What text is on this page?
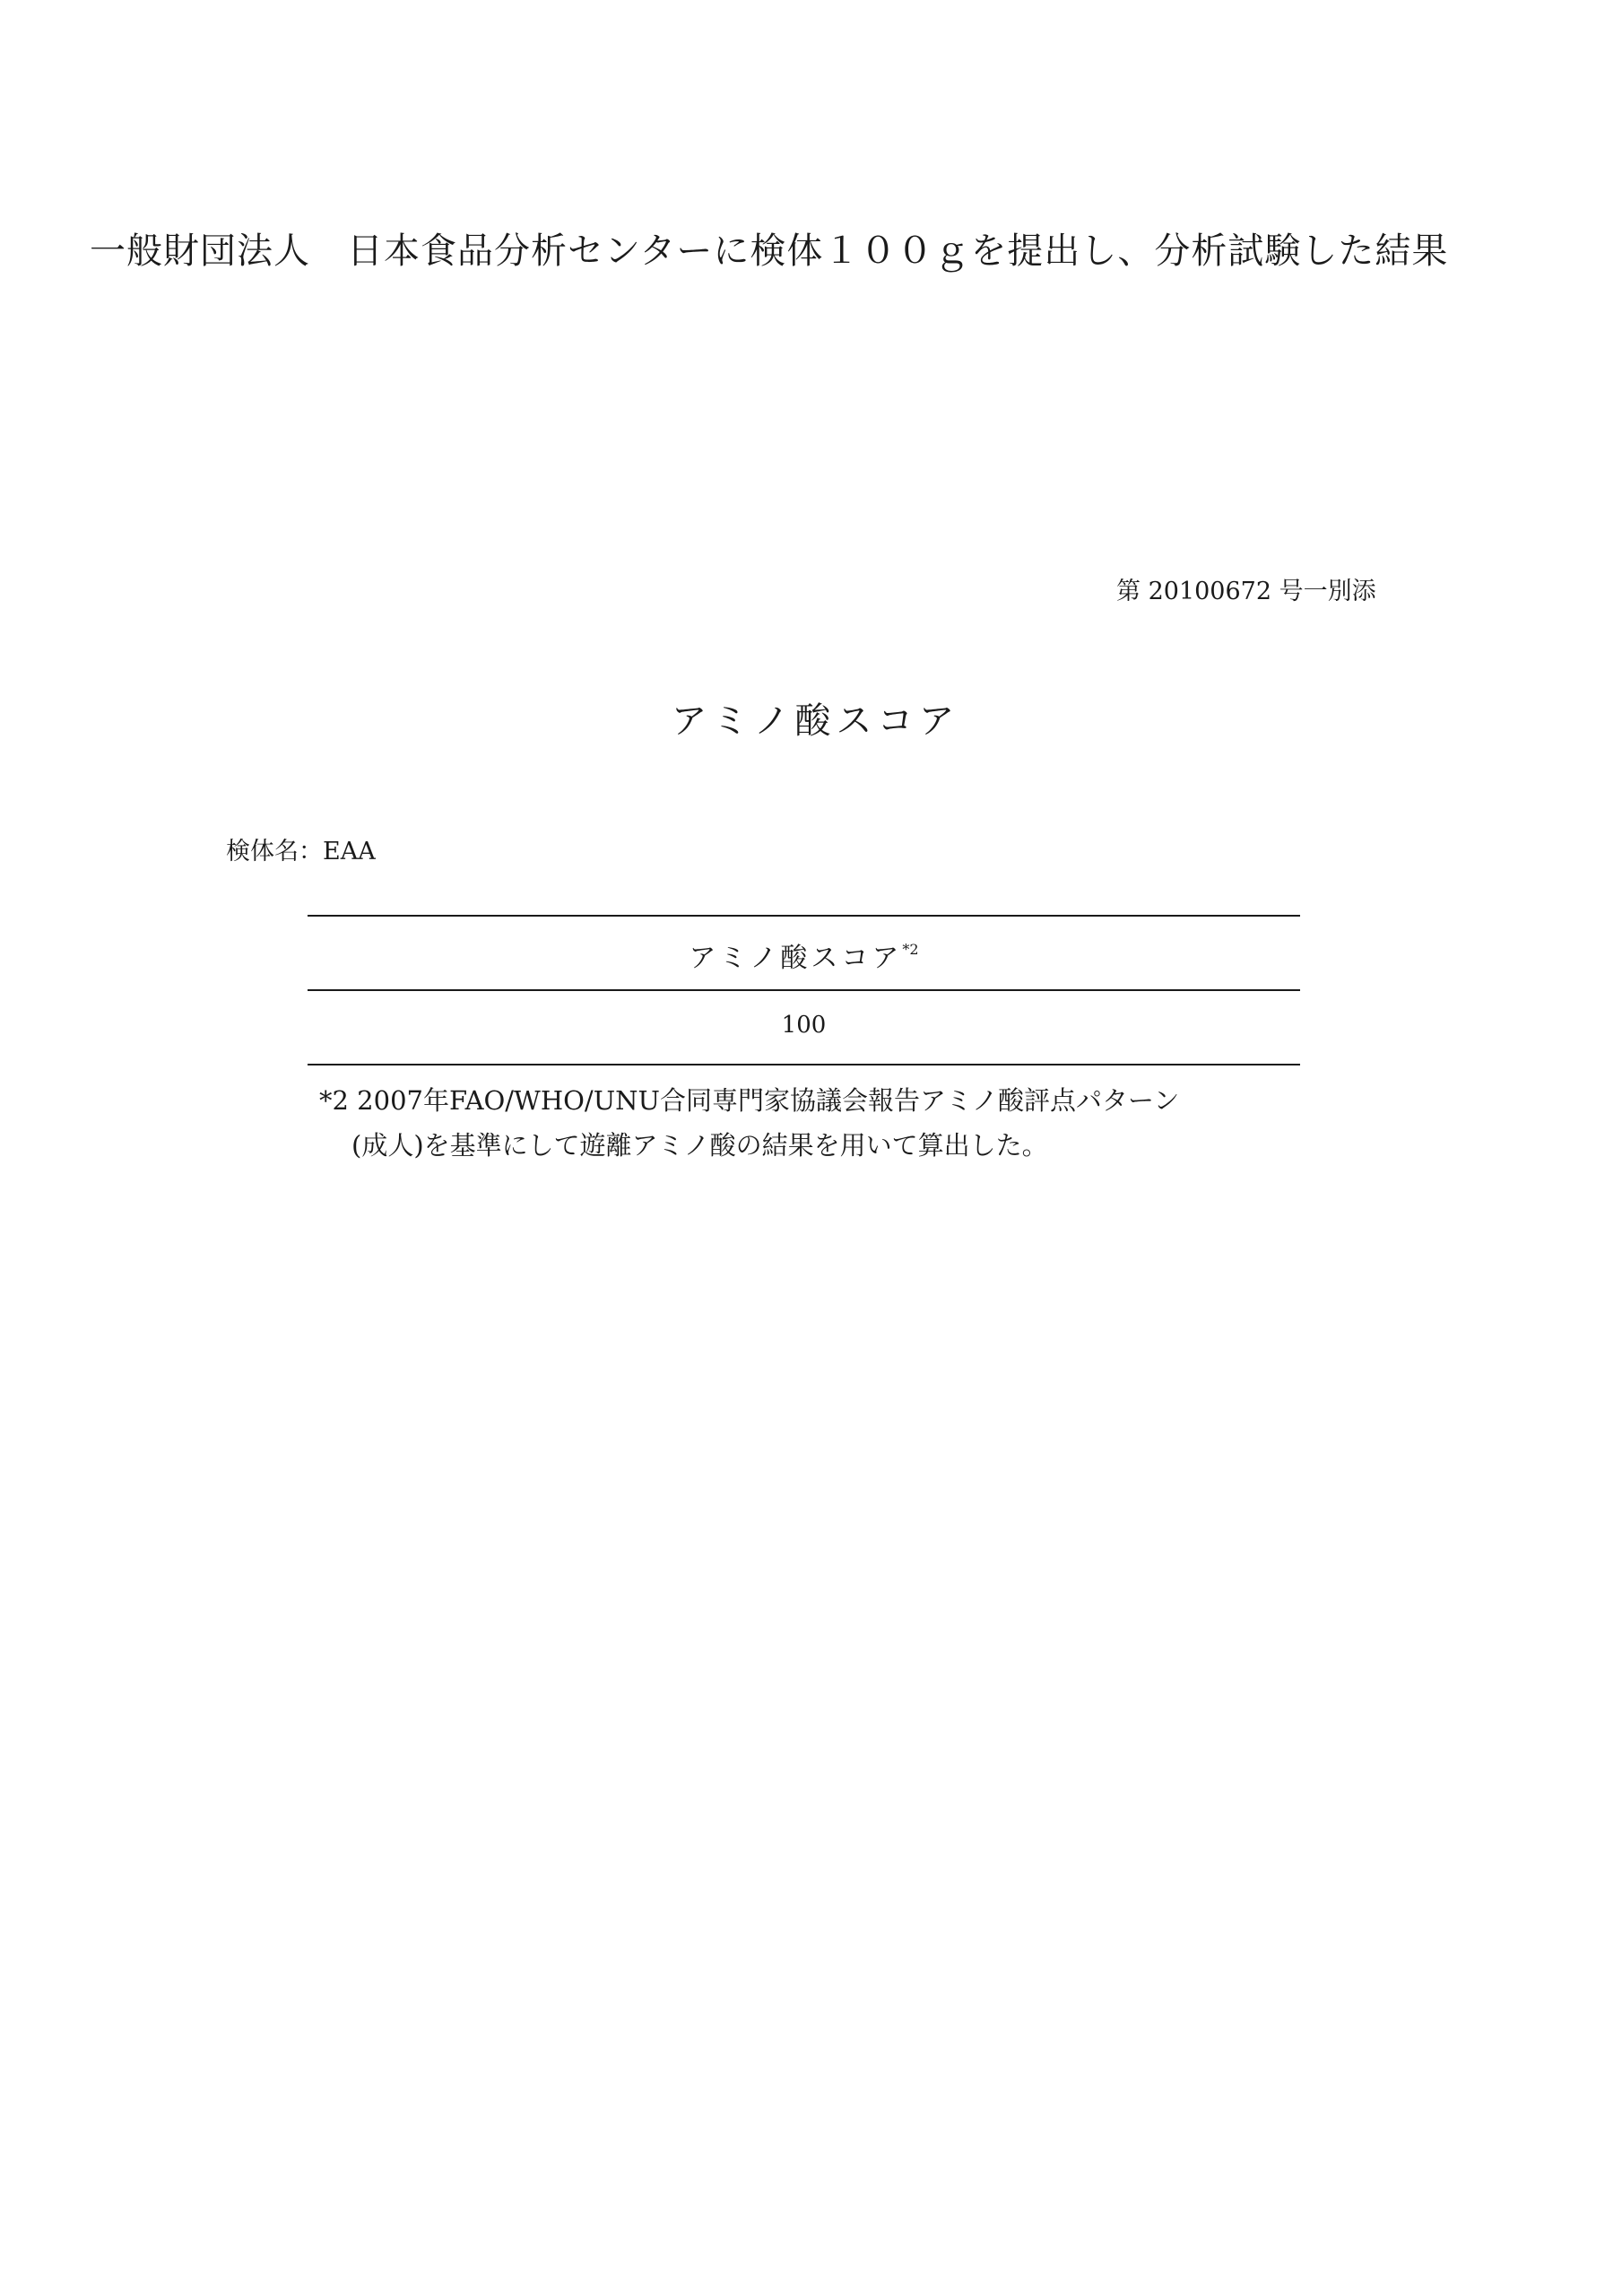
一般財団法人　日本食品分析センターに検体１００ｇを提出し、分析試験した結果
第 20100672 号一別添
アミノ酸スコア
検体名：EAA
アミノ酸スコア$^{*2}$
100
*2 2007年FAO/WHO/UNU合同専門家協議会報告アミノ酸評点パターン
(成人)を基準にして遊離アミノ酸の結果を用いて算出した。
